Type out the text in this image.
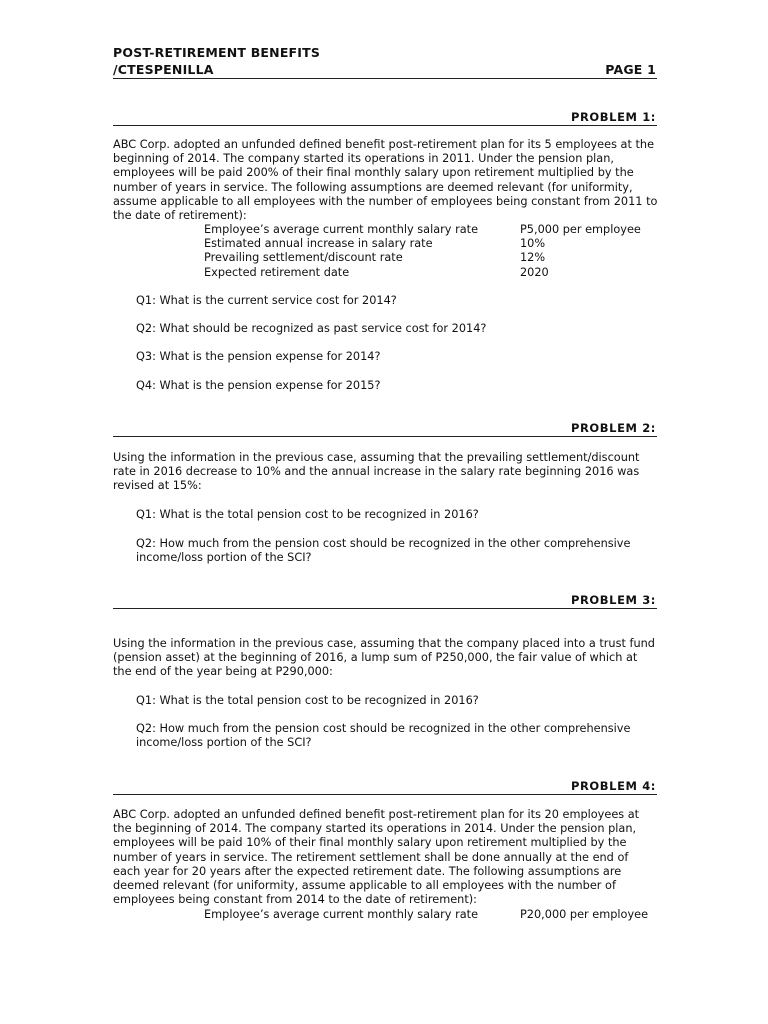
POST-RETIREMENT BENEFITS
/CTESPENILLA	PAGE 1
PROBLEM 1:
ABC Corp. adopted an unfunded defined benefit post-retirement plan for its 5 employees at the beginning of 2014. The company started its operations in 2011. Under the pension plan, employees will be paid 200% of their final monthly salary upon retirement multiplied by the number of years in service. The following assumptions are deemed relevant (for uniformity, assume applicable to all employees with the number of employees being constant from 2011 to the date of retirement):
Employee’s average current monthly salary rate	P5,000 per employee
Estimated annual increase in salary rate	10%
Prevailing settlement/discount rate	12%
Expected retirement date	2020
Q1: What is the current service cost for 2014?
Q2: What should be recognized as past service cost for 2014?
Q3: What is the pension expense for 2014?
Q4: What is the pension expense for 2015?
PROBLEM 2:
Using the information in the previous case, assuming that the prevailing settlement/discount rate in 2016 decrease to 10% and the annual increase in the salary rate beginning 2016 was revised at 15%:
Q1: What is the total pension cost to be recognized in 2016?
Q2: How much from the pension cost should be recognized in the other comprehensive income/loss portion of the SCI?
PROBLEM 3:
Using the information in the previous case, assuming that the company placed into a trust fund (pension asset) at the beginning of 2016, a lump sum of P250,000, the fair value of which at the end of the year being at P290,000:
Q1: What is the total pension cost to be recognized in 2016?
Q2: How much from the pension cost should be recognized in the other comprehensive income/loss portion of the SCI?
PROBLEM 4:
ABC Corp. adopted an unfunded defined benefit post-retirement plan for its 20 employees at the beginning of 2014. The company started its operations in 2014. Under the pension plan, employees will be paid 10% of their final monthly salary upon retirement multiplied by the number of years in service. The retirement settlement shall be done annually at the end of each year for 20 years after the expected retirement date. The following assumptions are deemed relevant (for uniformity, assume applicable to all employees with the number of employees being constant from 2014 to the date of retirement):
Employee’s average current monthly salary rate	P20,000 per employee
